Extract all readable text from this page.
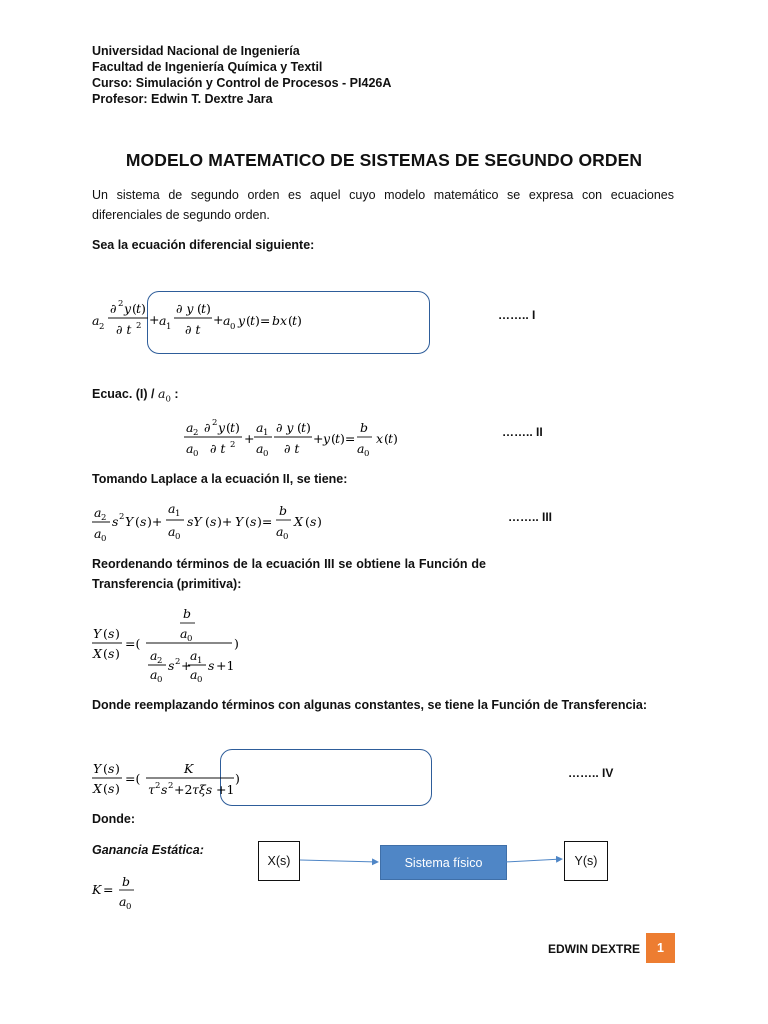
Universidad Nacional de Ingeniería
Facultad de Ingeniería Química y Textil
Curso: Simulación y Control de Procesos - PI426A
Profesor: Edwin T. Dextre Jara
MODELO MATEMATICO DE SISTEMAS DE SEGUNDO ORDEN
Un sistema de segundo orden es aquel cuyo modelo matemático se expresa con ecuaciones diferenciales de segundo orden.
Sea la ecuación diferencial siguiente:
a 2
∂ 2 y ( t )
∂ t 2 + a 1
∂ y ( t )
∂ t
+ a 0 y ( t )= bx ( t )	…….. I
Ecuac. $(I) / a_0$ :
a 2
a 0
∂ 2 y ( t )
∂ t 2 +
a 1
a 0
∂ y ( t )
∂ t
+ y ( t )=
b
a 0
x ( t )	…….. II
Tomando Laplace a la ecuación II, se tiene:
a 2
a 0
s 2 Y ( s )+
a 1
a 0
sY ( s )+ Y ( s )=
b
a 0
X ( s )	…….. III
Reordenando términos de la ecuación III se obtiene la Función de Transferencia (primitiva):
Y ( s )
X ( s )
=(
b
a 0
a 2
a 0
s 2 +
a 1
a 0
s +1
)
Donde reemplazando términos con algunas constantes, se tiene la Función de Transferencia:
Y ( s )
X ( s )
=(
K
τ 2 s 2 +2 τξs +1
)	…….. IV
Donde:
Ganancia Estática:
K =
b
a 0
X(s)	Sistema físico	Y(s)
EDWIN DEXTRE 1
